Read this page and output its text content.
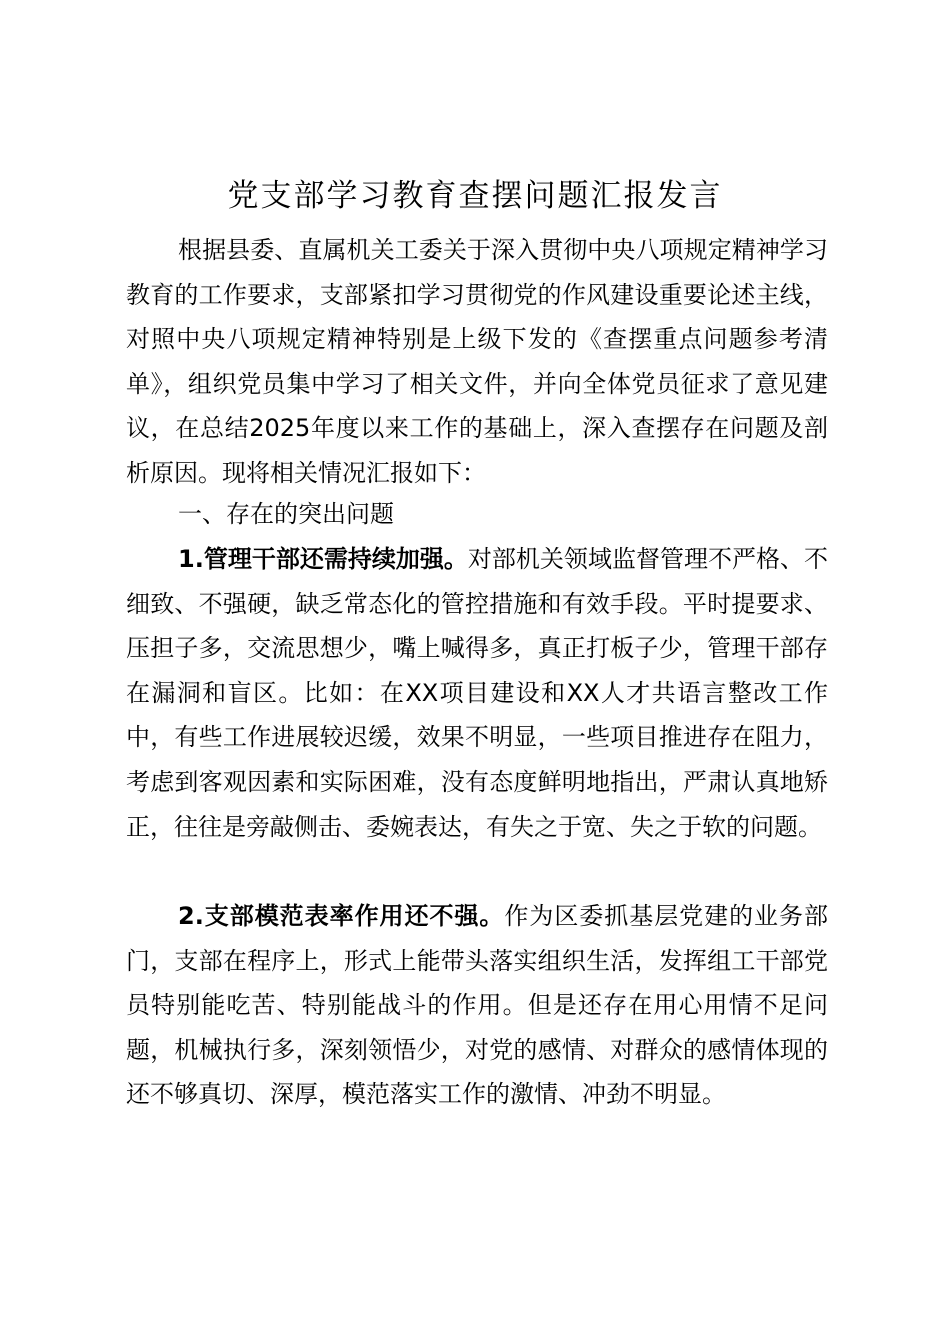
党支部学习教育查摆问题汇报发言

根据县委、直属机关工委关于深入贯彻中央八项规定精神学习教育的工作要求，支部紧扣学习贯彻党的作风建设重要论述主线，对照中央八项规定精神特别是上级下发的《查摆重点问题参考清单》，组织党员集中学习了相关文件，并向全体党员征求了意见建议，在总结2025年度以来工作的基础上，深入查摆存在问题及剖析原因。现将相关情况汇报如下：

一、存在的突出问题

1.管理干部还需持续加强。对部机关领域监督管理不严格、不细致、不强硬，缺乏常态化的管控措施和有效手段。平时提要求、压担子多，交流思想少，嘴上喊得多，真正打板子少，管理干部存在漏洞和盲区。比如：在XX项目建设和XX人才共语言整改工作中，有些工作进展较迟缓，效果不明显，一些项目推进存在阻力，考虑到客观因素和实际困难，没有态度鲜明地指出，严肃认真地矫正，往往是旁敲侧击、委婉表达，有失之于宽、失之于软的问题。

2.支部模范表率作用还不强。作为区委抓基层党建的业务部门，支部在程序上，形式上能带头落实组织生活，发挥组工干部党员特别能吃苦、特别能战斗的作用。但是还存在用心用情不足问题，机械执行多，深刻领悟少，对党的感情、对群众的感情体现的还不够真切、深厚，模范落实工作的激情、冲劲不明显。
